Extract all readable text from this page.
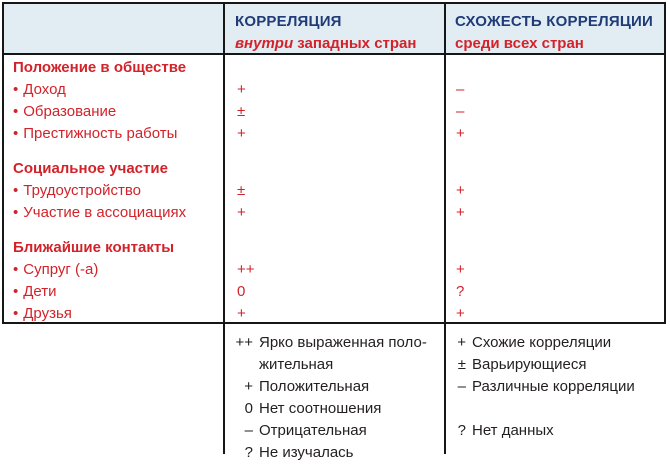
КОРРЕЛЯЦИЯ
внутри западных стран
СХОЖЕСТЬ КОРРЕЛЯЦИИ
среди всех стран
Положение в обществе
• Доход
• Образование
• Престижность работы
Социальное участие
• Трудоустройство
• Участие в ассоциациях
Ближайшие контакты
• Супруг (-а)
• Дети
• Друзья
+
±
+
±
+
++
0
+
–
–
+
+
+
+
?
+
++ Ярко выраженная поло-
жительная
+ Положительная
0 Нет соотношения
– Отрицательная
? Не изучалась
+ Схожие корреляции
± Варьирующиеся
– Различные корреляции
? Нет данных
